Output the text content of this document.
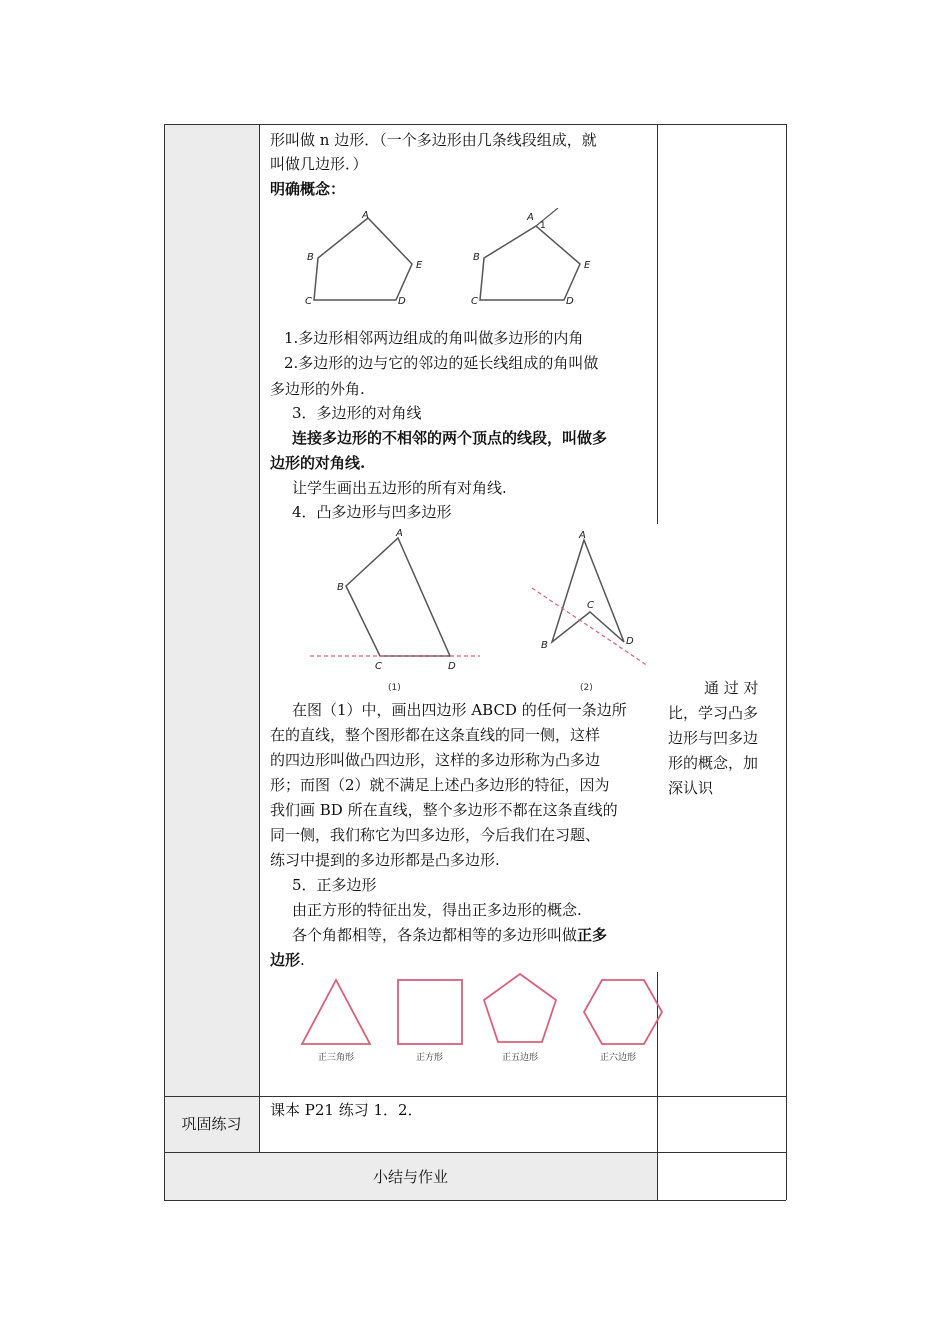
形叫做 n 边形．（一个多边形由几条线段组成，就
叫做几边形．）
明确概念：
A
B
C	D
E
A
1
B
C	D
E
1.多边形相邻两边组成的角叫做多边形的内角
2.多边形的边与它的邻边的延长线组成的角叫做
多边形的外角.
3．多边形的对角线
连接多边形的不相邻的两个顶点的线段，叫做多
边形的对角线.
让学生画出五边形的所有对角线.
4．凸多边形与凹多边形
A
B
C	D
(1)
A
B
C
D
(2)
在图（1）中，画出四边形 ABCD 的任何一条边所
在的直线，整个图形都在这条直线的同一侧，这样
的四边形叫做凸四边形，这样的多边形称为凸多边
形；而图（2）就不满足上述凸多边形的特征，因为
我们画 BD 所在直线，整个多边形不都在这条直线的
同一侧，我们称它为凹多边形，今后我们在习题、
练习中提到的多边形都是凸多边形.
5．正多边形
由正方形的特征出发，得出正多边形的概念.
各个角都相等，各条边都相等的多边形叫做正多
边形.
正三角形	正方形	正五边形	正六边形
通 过 对
比，学习凸多
边形与凹多边
形的概念，加
深认识
巩固练习
课本 P21 练习 1．2．
小结与作业
